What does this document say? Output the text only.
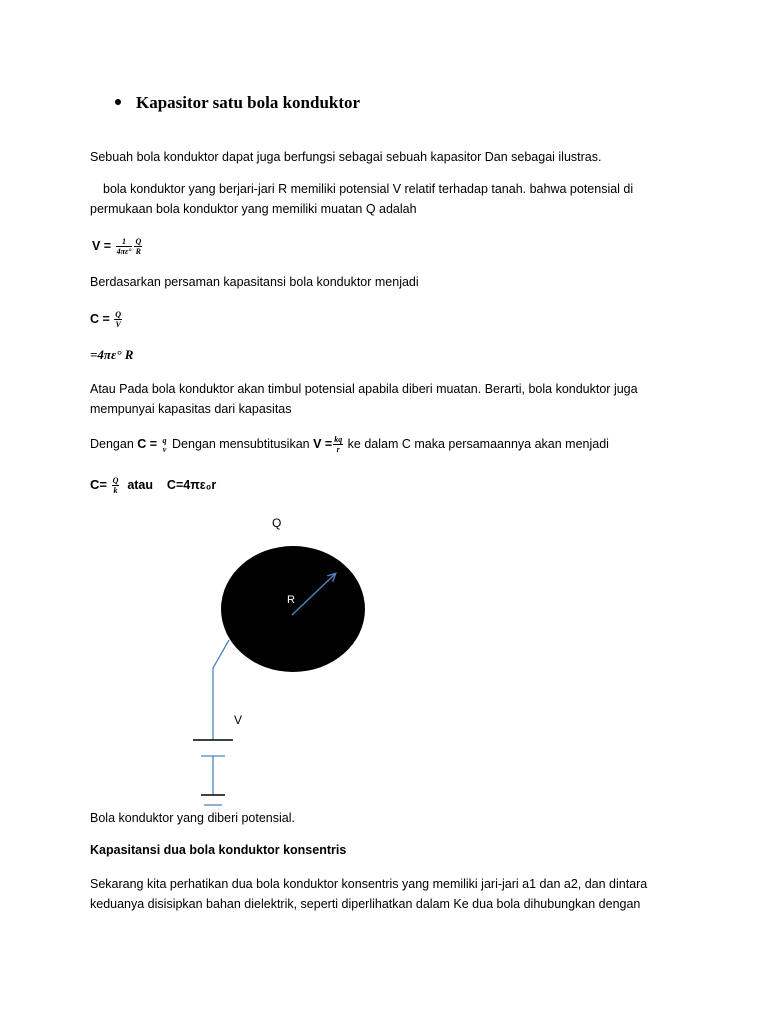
Kapasitor satu bola konduktor
Sebuah bola konduktor dapat juga berfungsi sebagai sebuah kapasitor Dan sebagai ilustras.
bola konduktor yang berjari-jari R memiliki potensial V relatif terhadap tanah. bahwa potensial di
permukaan bola konduktor yang memiliki muatan Q adalah
$V = \frac{1}{4\pi\varepsilon^\circ} \frac{Q}{R}$
Berdasarkan persaman kapasitansi bola konduktor menjadi
$C = \frac{Q}{V}$
=4πε° R
Atau Pada bola konduktor akan timbul potensial apabila diberi muatan. Berarti, bola konduktor juga
mempunyai kapasitas dari kapasitas
Dengan C = q
v Dengan mensubtitusikan $V = \frac{kq}{r}$ ke dalam C maka persamaannya akan menjadi
$C= \frac{Q}{k}$ atau    C=4πε₀r
Q
R
V
Bola konduktor yang diberi potensial.
Kapasitansi dua bola konduktor konsentris
Sekarang kita perhatikan dua bola konduktor konsentris yang memiliki jari-jari a1 dan a2, dan dintara
keduanya disisipkan bahan dielektrik, seperti diperlihatkan dalam Ke dua bola dihubungkan dengan
